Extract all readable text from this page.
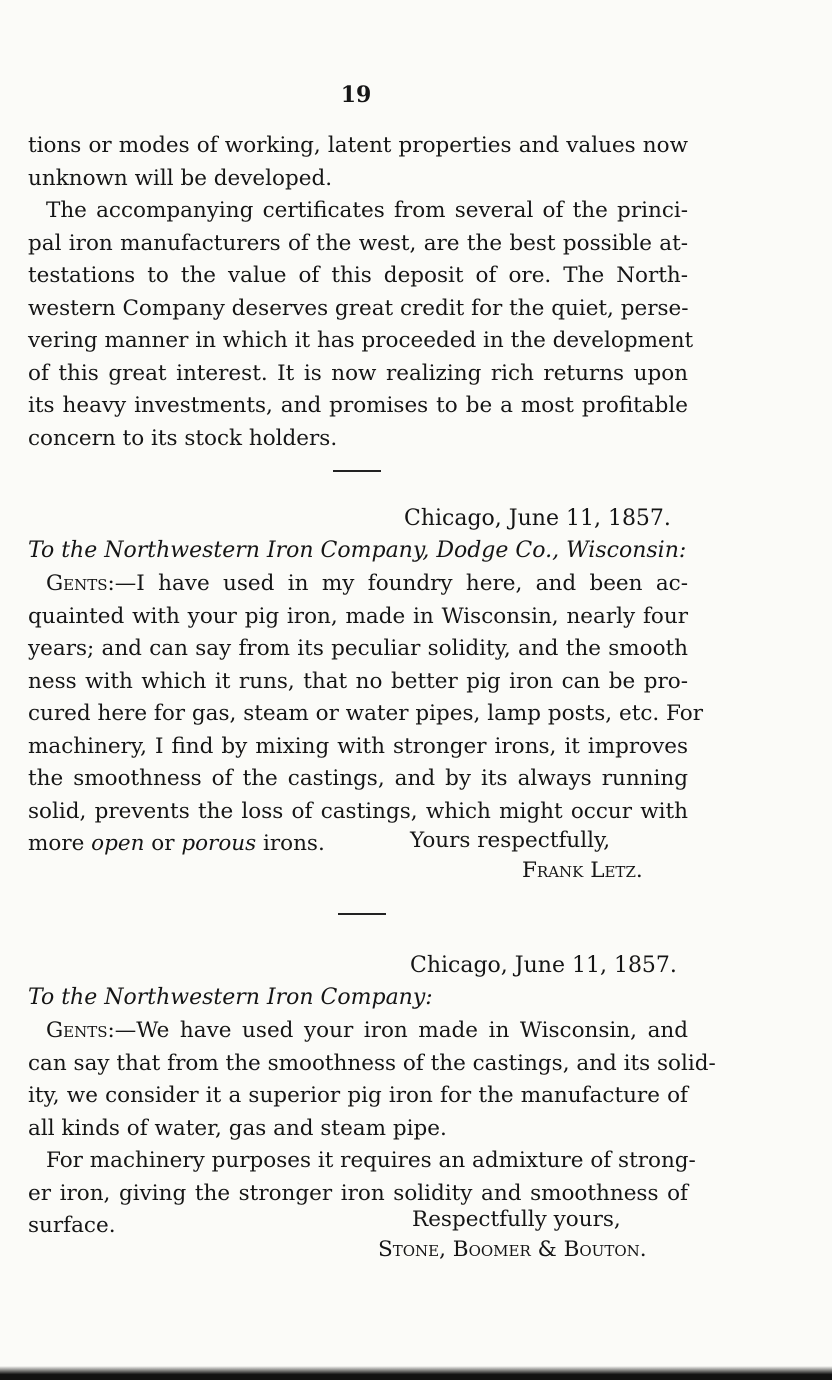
19
tions or modes of working, latent properties and values now
unknown will be developed.
The accompanying certificates from several of the princi-
pal iron manufacturers of the west, are the best possible at-
testations to the value of this deposit of ore. The North-
western Company deserves great credit for the quiet, perse-
vering manner in which it has proceeded in the development
of this great interest. It is now realizing rich returns upon
its heavy investments, and promises to be a most profitable
concern to its stock holders.
Chicago, June 11, 1857.
To the Northwestern Iron Company, Dodge Co., Wisconsin:
Gents:—I have used in my foundry here, and been ac-
quainted with your pig iron, made in Wisconsin, nearly four
years; and can say from its peculiar solidity, and the smooth
ness with which it runs, that no better pig iron can be pro-
cured here for gas, steam or water pipes, lamp posts, etc. For
machinery, I find by mixing with stronger irons, it improves
the smoothness of the castings, and by its always running
solid, prevents the loss of castings, which might occur with
more open or porous irons.	Yours respectfully,
Frank Letz.
Chicago, June 11, 1857.
To the Northwestern Iron Company:
Gents:—We have used your iron made in Wisconsin, and
can say that from the smoothness of the castings, and its solid-
ity, we consider it a superior pig iron for the manufacture of
all kinds of water, gas and steam pipe.
For machinery purposes it requires an admixture of strong-
er iron, giving the stronger iron solidity and smoothness of
surface.	Respectfully yours,
Stone, Boomer & Bouton.
